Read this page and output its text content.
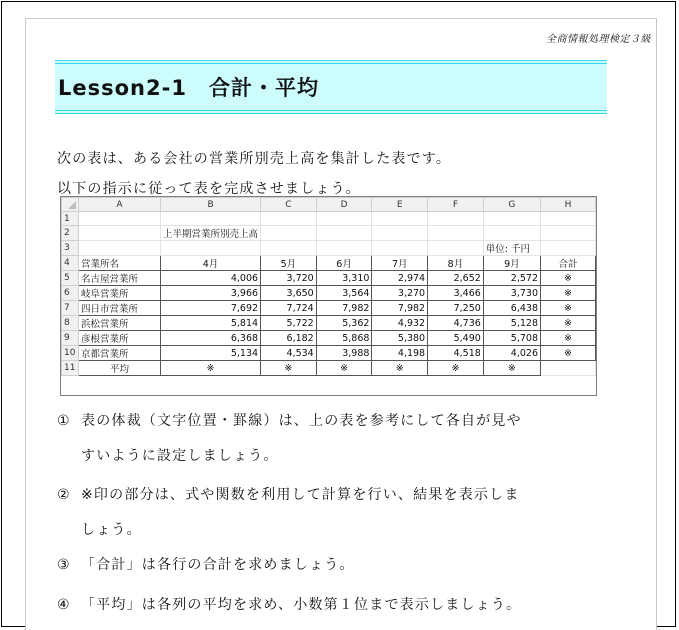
全商情報処理検定３級
Lesson2-1　合計・平均
次の表は、ある会社の営業所別売上高を集計した表です。
以下の指示に従って表を完成させましょう。
	A	B	C	D	E	F	G	H
1								
2		上半期営業所別売上高						
3							単位: 千円	
4	営業所名	4月	5月	6月	7月	8月	9月	合計
5	名古屋営業所	4,006	3,720	3,310	2,974	2,652	2,572	※
6	岐阜営業所	3,966	3,650	3,564	3,270	3,466	3,730	※
7	四日市営業所	7,692	7,724	7,982	7,982	7,250	6,438	※
8	浜松営業所	5,814	5,722	5,362	4,932	4,736	5,128	※
9	彦根営業所	6,368	6,182	5,868	5,380	5,490	5,708	※
10	京都営業所	5,134	4,534	3,988	4,198	4,518	4,026	※
11	平均	※	※	※	※	※	※	
① 表の体裁（文字位置・罫線）は、上の表を参考にして各自が見や
すいように設定しましょう。
② ※印の部分は、式や関数を利用して計算を行い、結果を表示しま
しょう。
③ 「合計」は各行の合計を求めましょう。
④ 「平均」は各列の平均を求め、小数第１位まで表示しましょう。
